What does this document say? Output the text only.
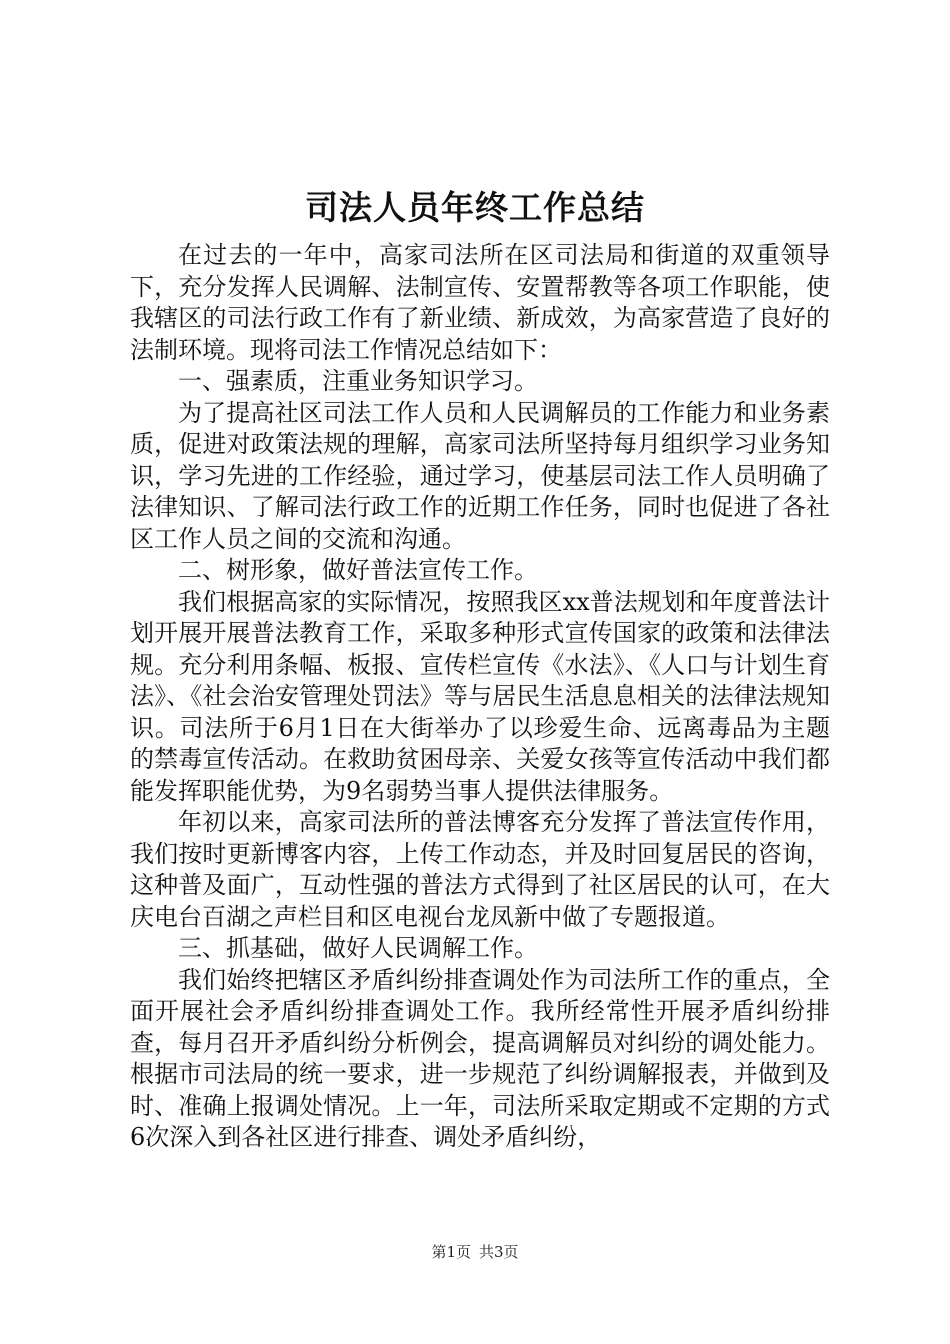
司法人员年终工作总结

在过去的一年中，高家司法所在区司法局和街道的双重领导下，充分发挥人民调解、法制宣传、安置帮教等各项工作职能，使我辖区的司法行政工作有了新业绩、新成效，为高家营造了良好的法制环境。现将司法工作情况总结如下：

一、强素质，注重业务知识学习。

为了提高社区司法工作人员和人民调解员的工作能力和业务素质，促进对政策法规的理解，高家司法所坚持每月组织学习业务知识，学习先进的工作经验，通过学习，使基层司法工作人员明确了法律知识、了解司法行政工作的近期工作任务，同时也促进了各社区工作人员之间的交流和沟通。

二、树形象，做好普法宣传工作。

我们根据高家的实际情况，按照我区xx普法规划和年度普法计划开展开展普法教育工作，采取多种形式宣传国家的政策和法律法规。充分利用条幅、板报、宣传栏宣传《水法》、《人口与计划生育法》、《社会治安管理处罚法》等与居民生活息息相关的法律法规知识。司法所于6月1日在大街举办了以珍爱生命、远离毒品为主题的禁毒宣传活动。在救助贫困母亲、关爱女孩等宣传活动中我们都能发挥职能优势，为9名弱势当事人提供法律服务。

年初以来，高家司法所的普法博客充分发挥了普法宣传作用，我们按时更新博客内容，上传工作动态，并及时回复居民的咨询，这种普及面广，互动性强的普法方式得到了社区居民的认可，在大庆电台百湖之声栏目和区电视台龙凤新中做了专题报道。

三、抓基础，做好人民调解工作。

我们始终把辖区矛盾纠纷排查调处作为司法所工作的重点，全面开展社会矛盾纠纷排查调处工作。我所经常性开展矛盾纠纷排查，每月召开矛盾纠纷分析例会，提高调解员对纠纷的调处能力。根据市司法局的统一要求，进一步规范了纠纷调解报表，并做到及时、准确上报调处情况。上一年，司法所采取定期或不定期的方式6次深入到各社区进行排查、调处矛盾纠纷，

第1页 共3页
